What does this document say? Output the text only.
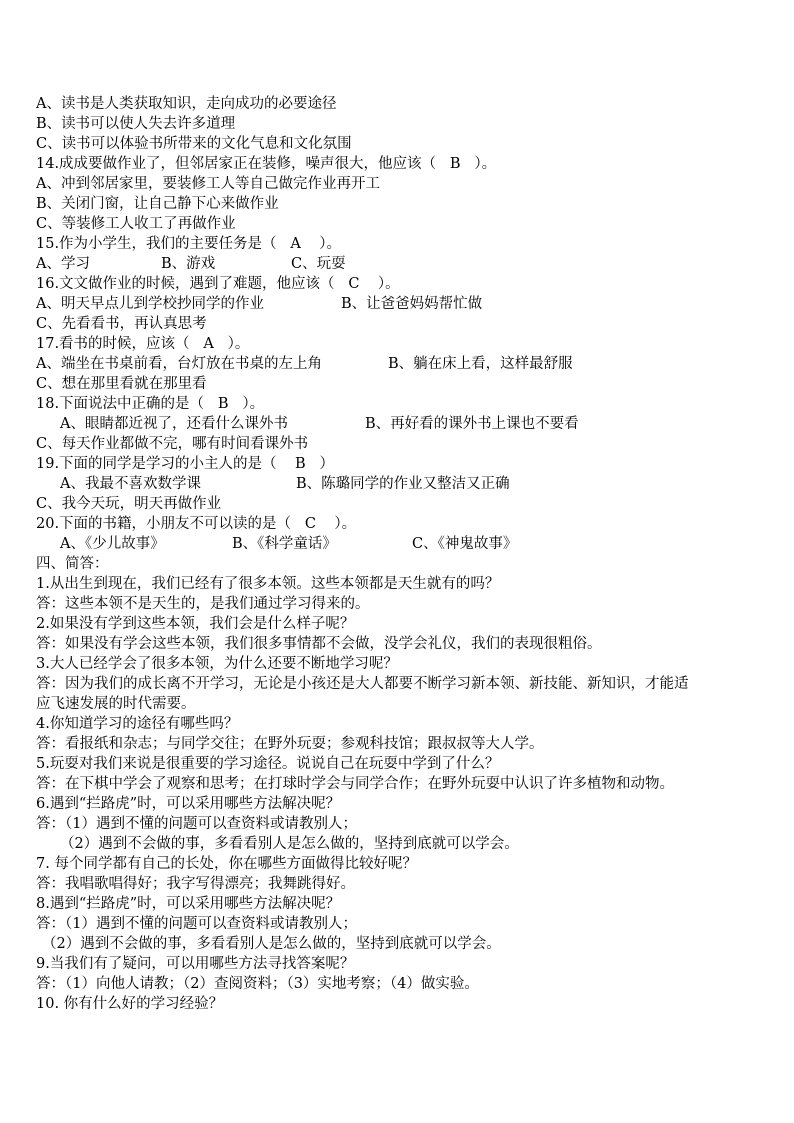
A、读书是人类获取知识，走向成功的必要途径
B、读书可以使人失去许多道理
C、读书可以体验书所带来的文化气息和文化氛围
14.成成要做作业了，但邻居家正在装修，噪声很大，他应该（   B   ）。
A、冲到邻居家里，要装修工人等自己做完作业再开工
B、关闭门窗，让自己静下心来做作业
C、等装修工人收工了再做作业
15.作为小学生，我们的主要任务是（   A    ）。
A、学习	B、游戏	C、玩耍
16.文文做作业的时候，遇到了难题，他应该（   C    ）。
A、明天早点儿到学校抄同学的作业	B、让爸爸妈妈帮忙做
C、先看看书，再认真思考
17.看书的时候，应该（   A   ）。
A、端坐在书桌前看，台灯放在书桌的左上角	B、躺在床上看，这样最舒服
C、想在那里看就在那里看
18.下面说法中正确的是（   B   ）。
A、眼睛都近视了，还看什么课外书	B、再好看的课外书上课也不要看
C、每天作业都做不完，哪有时间看课外书
19.下面的同学是学习的小主人的是（    B   ）
A、我最不喜欢数学课	B、陈璐同学的作业又整洁又正确
C、我今天玩，明天再做作业
20.下面的书籍，小朋友不可以读的是（   C    ）。
A、《少儿故事》	B、《科学童话》	C、《神鬼故事》
四、简答：
1.从出生到现在，我们已经有了很多本领。这些本领都是天生就有的吗？
答：这些本领不是天生的，是我们通过学习得来的。
2.如果没有学到这些本领，我们会是什么样子呢？
答：如果没有学会这些本领，我们很多事情都不会做，没学会礼仪，我们的表现很粗俗。
3.大人已经学会了很多本领，为什么还要不断地学习呢？
答：因为我们的成长离不开学习，无论是小孩还是大人都要不断学习新本领、新技能、新知识，才能适
应飞速发展的时代需要。
4.你知道学习的途径有哪些吗？
答：看报纸和杂志；与同学交往；在野外玩耍；参观科技馆；跟叔叔等大人学。
5.玩耍对我们来说是很重要的学习途径。说说自己在玩耍中学到了什么？
答：在下棋中学会了观察和思考；在打球时学会与同学合作；在野外玩耍中认识了许多植物和动物。
6.遇到“拦路虎”时，可以采用哪些方法解决呢？
答：（1）遇到不懂的问题可以查资料或请教别人；
（2）遇到不会做的事，多看看别人是怎么做的，坚持到底就可以学会。
7. 每个同学都有自己的长处，你在哪些方面做得比较好呢？
答：我唱歌唱得好；我字写得漂亮；我舞跳得好。
8.遇到“拦路虎”时，可以采用哪些方法解决呢？
答：（1）遇到不懂的问题可以查资料或请教别人；
（2）遇到不会做的事，多看看别人是怎么做的，坚持到底就可以学会。
9.当我们有了疑问，可以用哪些方法寻找答案呢？
答：（1）向他人请教；（2）查阅资料；（3）实地考察；（4）做实验。
10. 你有什么好的学习经验？
